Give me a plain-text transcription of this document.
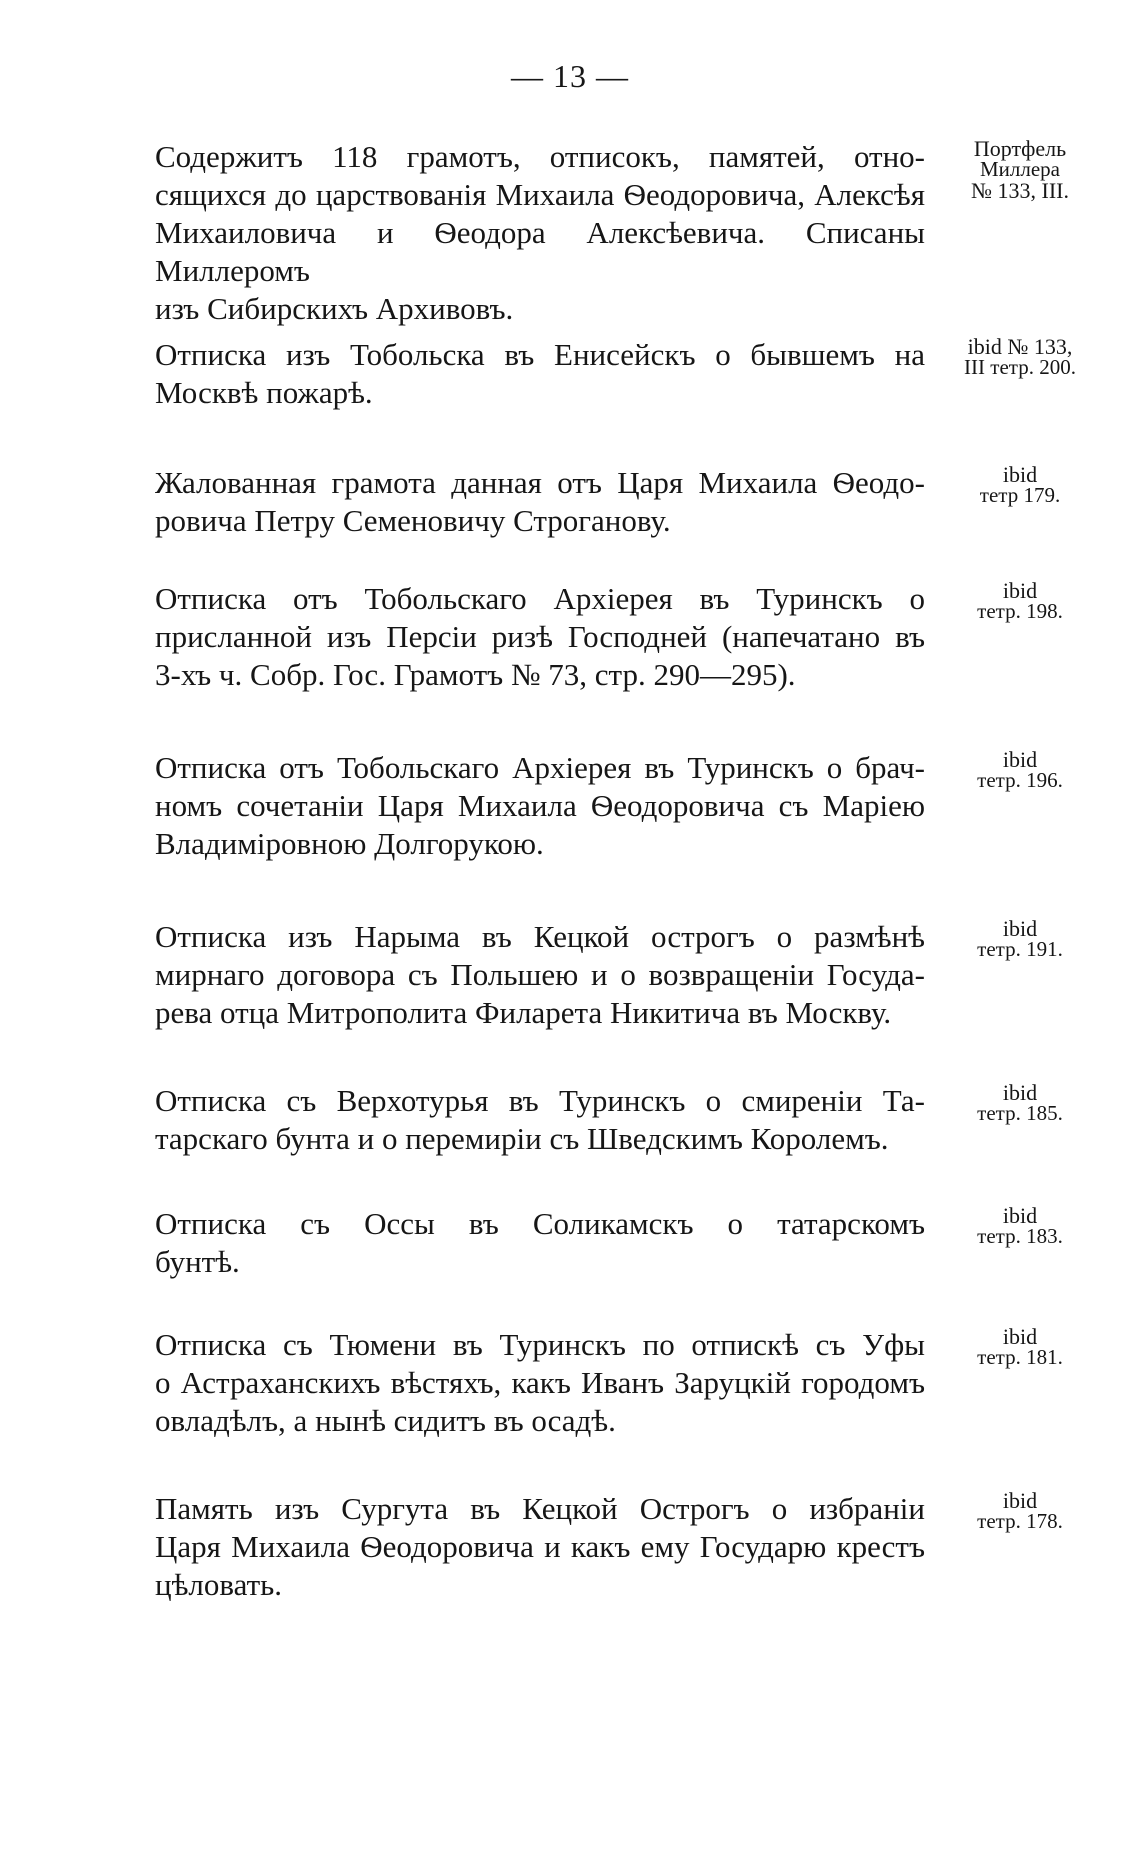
— 13 —
Содержитъ 118 грамотъ, отписокъ, памятей, отно-
сящихся до царствованія Михаила Ѳеодоровича, Алексѣя
Михаиловича и Ѳеодора Алексѣевича. Списаны Миллеромъ
изъ Сибирскихъ Архивовъ.
Портфель
Миллера
№ 133, III.
Отписка изъ Тобольска въ Енисейскъ о бывшемъ на
Москвѣ пожарѣ.
ibid № 133,
III тетр. 200.
Жалованная грамота данная отъ Царя Михаила Ѳеодо-
ровича Петру Семеновичу Строганову.
ibid
тетр 179.
Отписка отъ Тобольскаго Архіерея въ Туринскъ о
присланной изъ Персіи ризѣ Господней (напечатано въ
3-хъ ч. Собр. Гос. Грамотъ № 73, стр. 290—295).
ibid
тетр. 198.
Отписка отъ Тобольскаго Архіерея въ Туринскъ о брач-
номъ сочетаніи Царя Михаила Ѳеодоровича съ Маріею
Владиміровною Долгорукою.
ibid
тетр. 196.
Отписка изъ Нарыма въ Кецкой острогъ о размѣнѣ
мирнаго договора съ Польшею и о возвращеніи Госуда-
рева отца Митрополита Филарета Никитича въ Москву.
ibid
тетр. 191.
Отписка съ Верхотурья въ Туринскъ о смиреніи Та-
тарскаго бунта и о перемиріи съ Шведскимъ Королемъ.
ibid
тетр. 185.
Отписка съ Оссы въ Соликамскъ о татарскомъ
бунтѣ.
ibid
тетр. 183.
Отписка съ Тюмени въ Туринскъ по отпискѣ съ Уфы
о Астраханскихъ вѣстяхъ, какъ Иванъ Заруцкій городомъ
овладѣлъ, а нынѣ сидитъ въ осадѣ.
ibid
тетр. 181.
Память изъ Сургута въ Кецкой Острогъ о избраніи
Царя Михаила Ѳеодоровича и какъ ему Государю крестъ
цѣловать.
ibid
тетр. 178.
